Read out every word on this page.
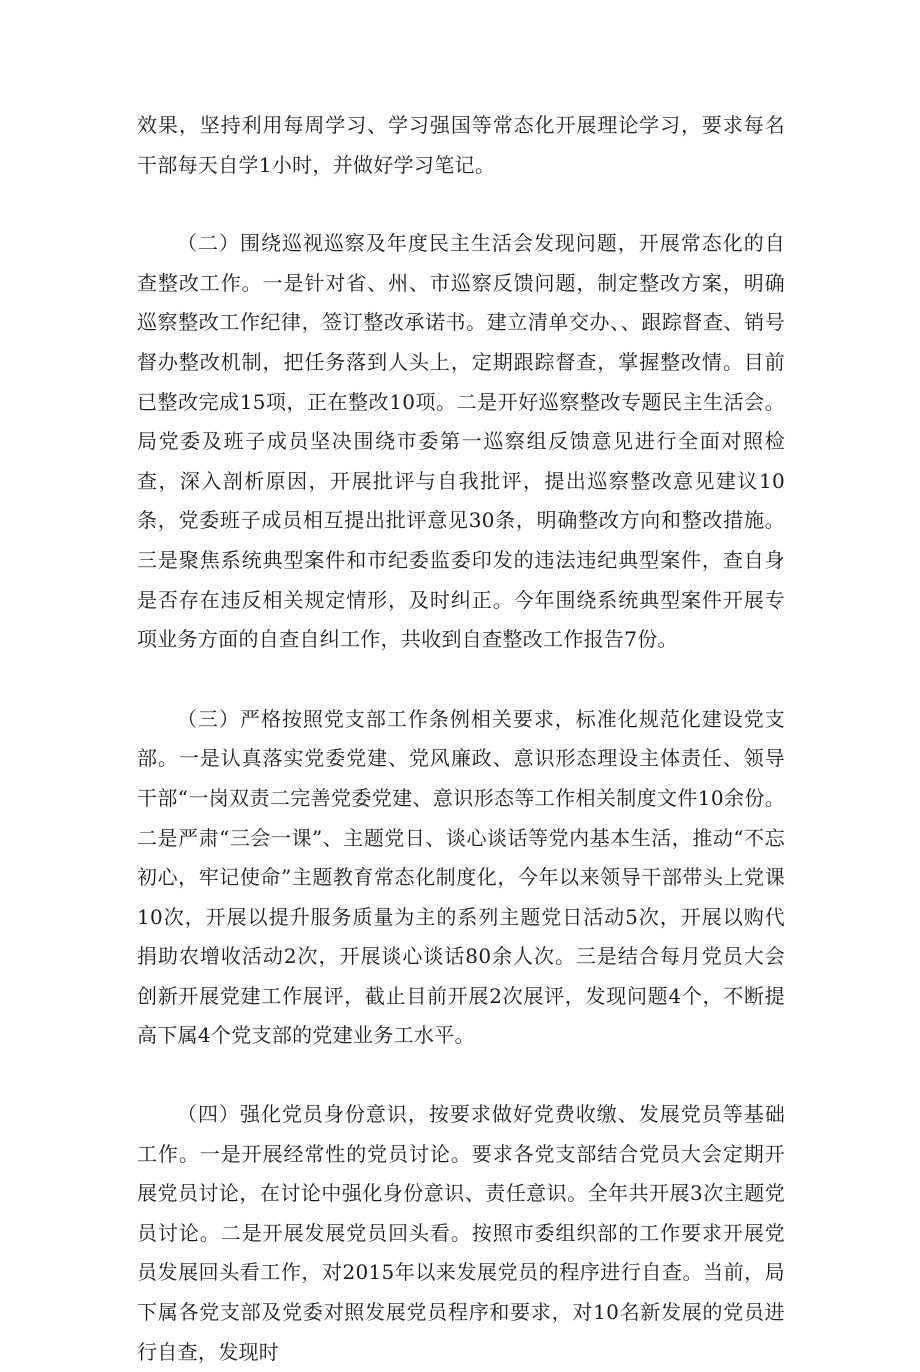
效果，坚持利用每周学习、学习强国等常态化开展理论学习，要求每名干部每天自学1小时，并做好学习笔记。

（二）围绕巡视巡察及年度民主生活会发现问题，开展常态化的自查整改工作。一是针对省、州、市巡察反馈问题，制定整改方案，明确巡察整改工作纪律，签订整改承诺书。建立清单交办、、跟踪督查、销号督办整改机制，把任务落到人头上，定期跟踪督查，掌握整改情。目前已整改完成15项，正在整改10项。二是开好巡察整改专题民主生活会。局党委及班子成员坚决围绕市委第一巡察组反馈意见进行全面对照检查，深入剖析原因，开展批评与自我批评，提出巡察整改意见建议10条，党委班子成员相互提出批评意见30条，明确整改方向和整改措施。三是聚焦系统典型案件和市纪委监委印发的违法违纪典型案件，查自身是否存在违反相关规定情形，及时纠正。今年围绕系统典型案件开展专项业务方面的自查自纠工作，共收到自查整改工作报告7份。

（三）严格按照党支部工作条例相关要求，标准化规范化建设党支部。一是认真落实党委党建、党风廉政、意识形态理设主体责任、领导干部“一岗双责二完善党委党建、意识形态等工作相关制度文件10余份。二是严肃“三会一课”、主题党日、谈心谈话等党内基本生活，推动“不忘初心，牢记使命”主题教育常态化制度化，今年以来领导干部带头上党课10次，开展以提升服务质量为主的系列主题党日活动5次，开展以购代捐助农增收活动2次，开展谈心谈话80余人次。三是结合每月党员大会创新开展党建工作展评，截止目前开展2次展评，发现问题4个，不断提高下属4个党支部的党建业务工水平。

（四）强化党员身份意识，按要求做好党费收缴、发展党员等基础工作。一是开展经常性的党员讨论。要求各党支部结合党员大会定期开展党员讨论，在讨论中强化身份意识、责任意识。全年共开展3次主题党员讨论。二是开展发展党员回头看。按照市委组织部的工作要求开展党员发展回头看工作，对2015年以来发展党员的程序进行自查。当前，局下属各党支部及党委对照发展党员程序和要求，对10名新发展的党员进行自查，发现时
